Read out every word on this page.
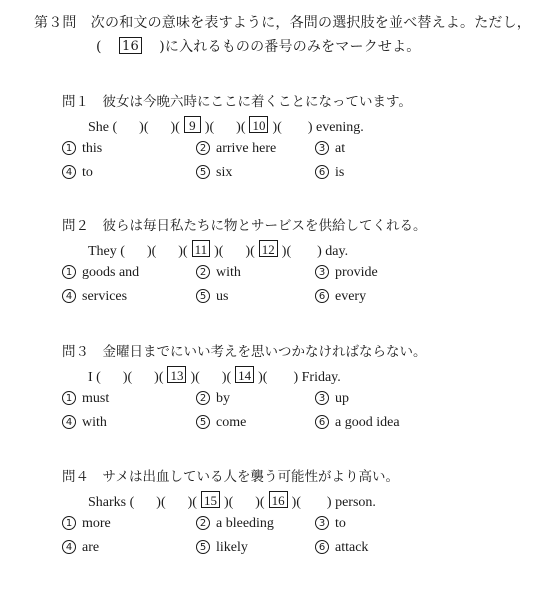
第３問　次の和文の意味を表すように，各問の選択肢を並べ替えよ。ただし，
( 16 )に入れるものの番号のみをマークせよ。
問１　彼女は今晩六時にここに着くことになっています。
She ( )( )( 9 )( )( 10 )( ) evening.
1 this	2 arrive here	3 at
4 to	5 six	6 is
問２　彼らは毎日私たちに物とサービスを供給してくれる。
They ( )( )( 11 )( )( 12 )( ) day.
1 goods and	2 with	3 provide
4 services	5 us	6 every
問３　金曜日までにいい考えを思いつかなければならない。
I ( )( )( 13 )( )( 14 )( ) Friday.
1 must	2 by	3 up
4 with	5 come	6 a good idea
問４　サメは出血している人を襲う可能性がより高い。
Sharks ( )( )( 15 )( )( 16 )( ) person.
1 more	2 a bleeding	3 to
4 are	5 likely	6 attack
